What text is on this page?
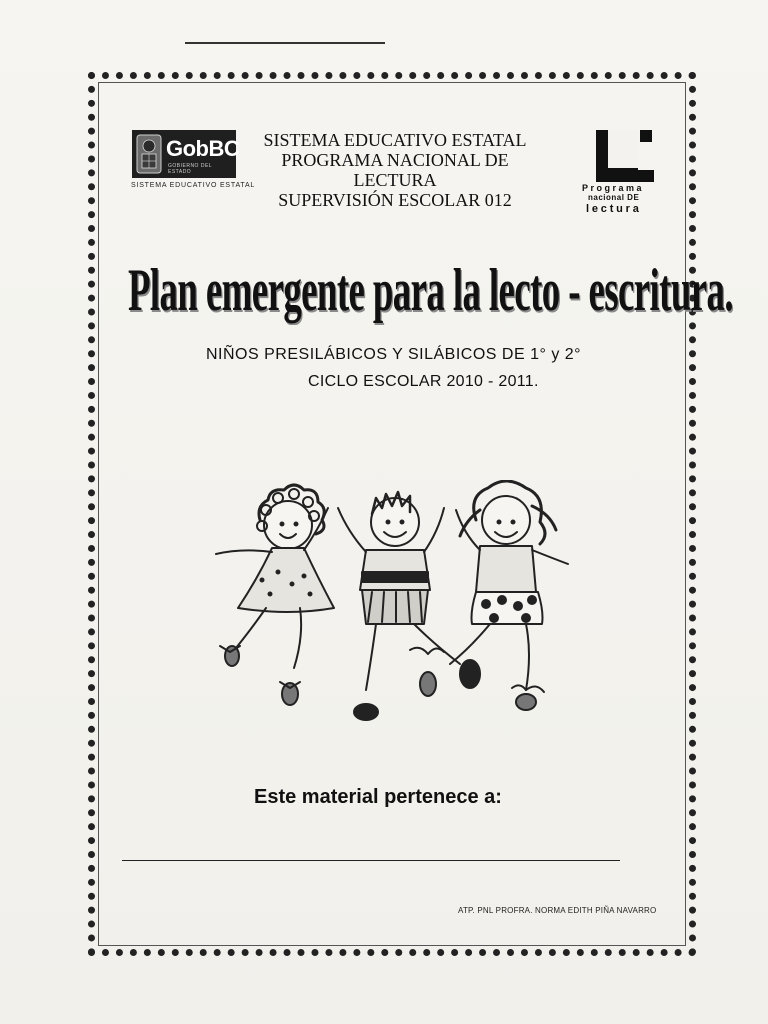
GobBC
GOBIERNO DEL ESTADO
SISTEMA EDUCATIVO ESTATAL
SISTEMA EDUCATIVO ESTATAL
PROGRAMA NACIONAL DE LECTURA
SUPERVISIÓN ESCOLAR 012
Programa
nacional DE
lectura
Plan emergente para la lecto - escritura.
NIÑOS PRESILÁBICOS Y SILÁBICOS DE 1° y 2°
CICLO ESCOLAR 2010 - 2011.
Este material pertenece a:
ATP. PNL PROFRA. NORMA EDITH PIÑA NAVARRO
